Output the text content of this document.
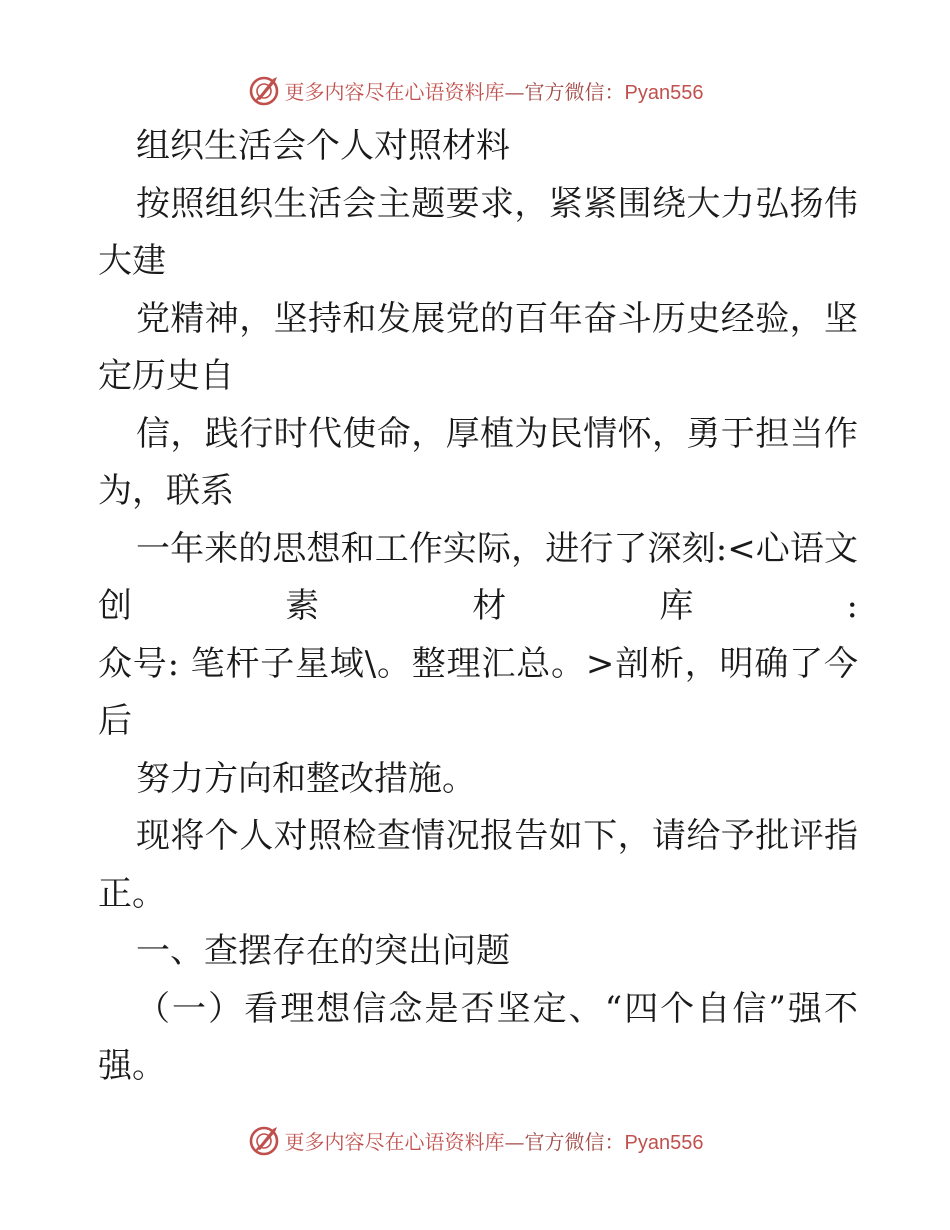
更多内容尽在心语资料库—官方微信：Pyan556
组织生活会个人对照材料
按照组织生活会主题要求，紧紧围绕大力弘扬伟
大建
党精神，坚持和发展党的百年奋斗历史经验，坚
定历史自
信，践行时代使命，厚植为民情怀，勇于担当作
为，联系
一年来的思想和工作实际，进行了深刻:<心语文
创素材库:
众号: 笔杆子星域\。整理汇总。>剖析，明确了今
后
努力方向和整改措施。
现将个人对照检查情况报告如下，请给予批评指
正。
一、查摆存在的突出问题
（一）看理想信念是否坚定、“四个自信”强不
强。
更多内容尽在心语资料库—官方微信：Pyan556
